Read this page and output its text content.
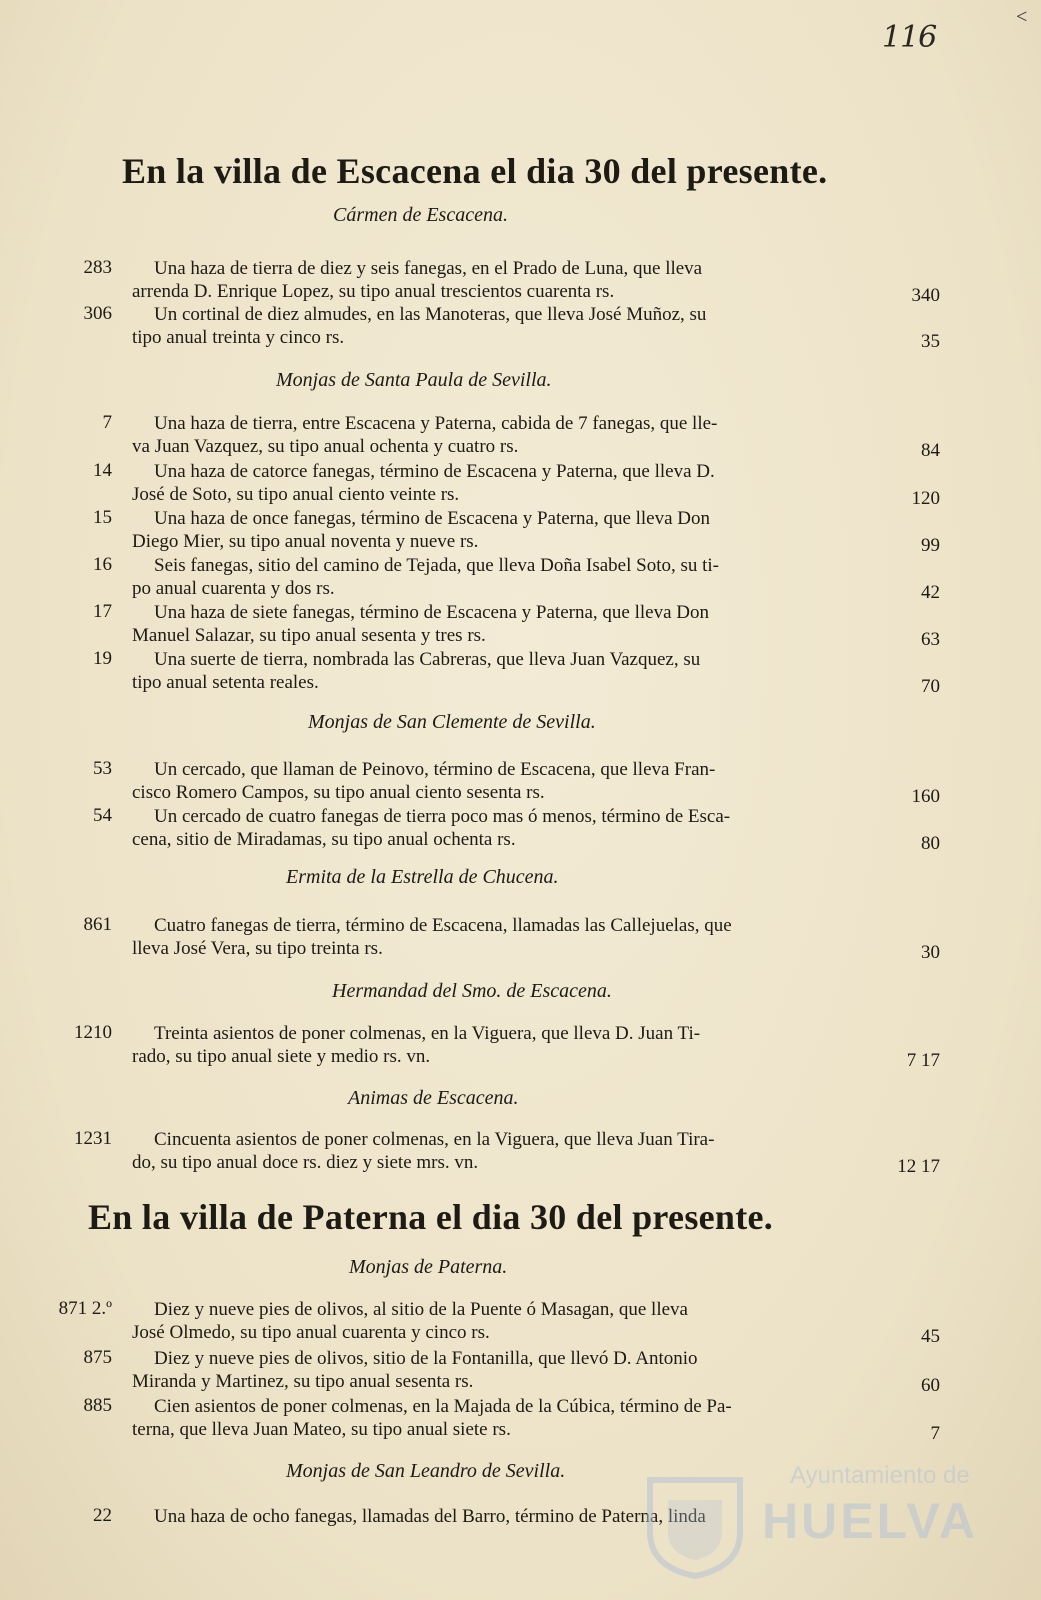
116
<
En la villa de Escacena el dia 30 del presente.
Cármen de Escacena.
283	Una haza de tierra de diez y seis fanegas, en el Prado de Luna, que lleva
arrenda D. Enrique Lopez, su tipo anual trescientos cuarenta rs.	340
306	Un cortinal de diez almudes, en las Manoteras, que lleva José Muñoz, su
tipo anual treinta y cinco rs.	35
Monjas de Santa Paula de Sevilla.
7	Una haza de tierra, entre Escacena y Paterna, cabida de 7 fanegas, que lle-
va Juan Vazquez, su tipo anual ochenta y cuatro rs.	84
14	Una haza de catorce fanegas, término de Escacena y Paterna, que lleva D.
José de Soto, su tipo anual ciento veinte rs.	120
15	Una haza de once fanegas, término de Escacena y Paterna, que lleva Don
Diego Mier, su tipo anual noventa y nueve rs.	99
16	Seis fanegas, sitio del camino de Tejada, que lleva Doña Isabel Soto, su ti-
po anual cuarenta y dos rs.	42
17	Una haza de siete fanegas, término de Escacena y Paterna, que lleva Don
Manuel Salazar, su tipo anual sesenta y tres rs.	63
19	Una suerte de tierra, nombrada las Cabreras, que lleva Juan Vazquez, su
tipo anual setenta reales.	70
Monjas de San Clemente de Sevilla.
53	Un cercado, que llaman de Peinovo, término de Escacena, que lleva Fran-
cisco Romero Campos, su tipo anual ciento sesenta rs.	160
54	Un cercado de cuatro fanegas de tierra poco mas ó menos, término de Esca-
cena, sitio de Miradamas, su tipo anual ochenta rs.	80
Ermita de la Estrella de Chucena.
861	Cuatro fanegas de tierra, término de Escacena, llamadas las Callejuelas, que
lleva José Vera, su tipo treinta rs.	30
Hermandad del Smo. de Escacena.
1210	Treinta asientos de poner colmenas, en la Viguera, que lleva D. Juan Ti-
rado, su tipo anual siete y medio rs. vn.	7 17
Animas de Escacena.
1231	Cincuenta asientos de poner colmenas, en la Viguera, que lleva Juan Tira-
do, su tipo anual doce rs. diez y siete mrs. vn.	12 17
En la villa de Paterna el dia 30 del presente.
Monjas de Paterna.
871 2.º	Diez y nueve pies de olivos, al sitio de la Puente ó Masagan, que lleva
José Olmedo, su tipo anual cuarenta y cinco rs.	45
875	Diez y nueve pies de olivos, sitio de la Fontanilla, que llevó D. Antonio
Miranda y Martinez, su tipo anual sesenta rs.	60
885	Cien asientos de poner colmenas, en la Majada de la Cúbica, término de Pa-
terna, que lleva Juan Mateo, su tipo anual siete rs.	7
Monjas de San Leandro de Sevilla.
22	Una haza de ocho fanegas, llamadas del Barro, término de Paterna, linda
Ayuntamiento de
HUELVA
